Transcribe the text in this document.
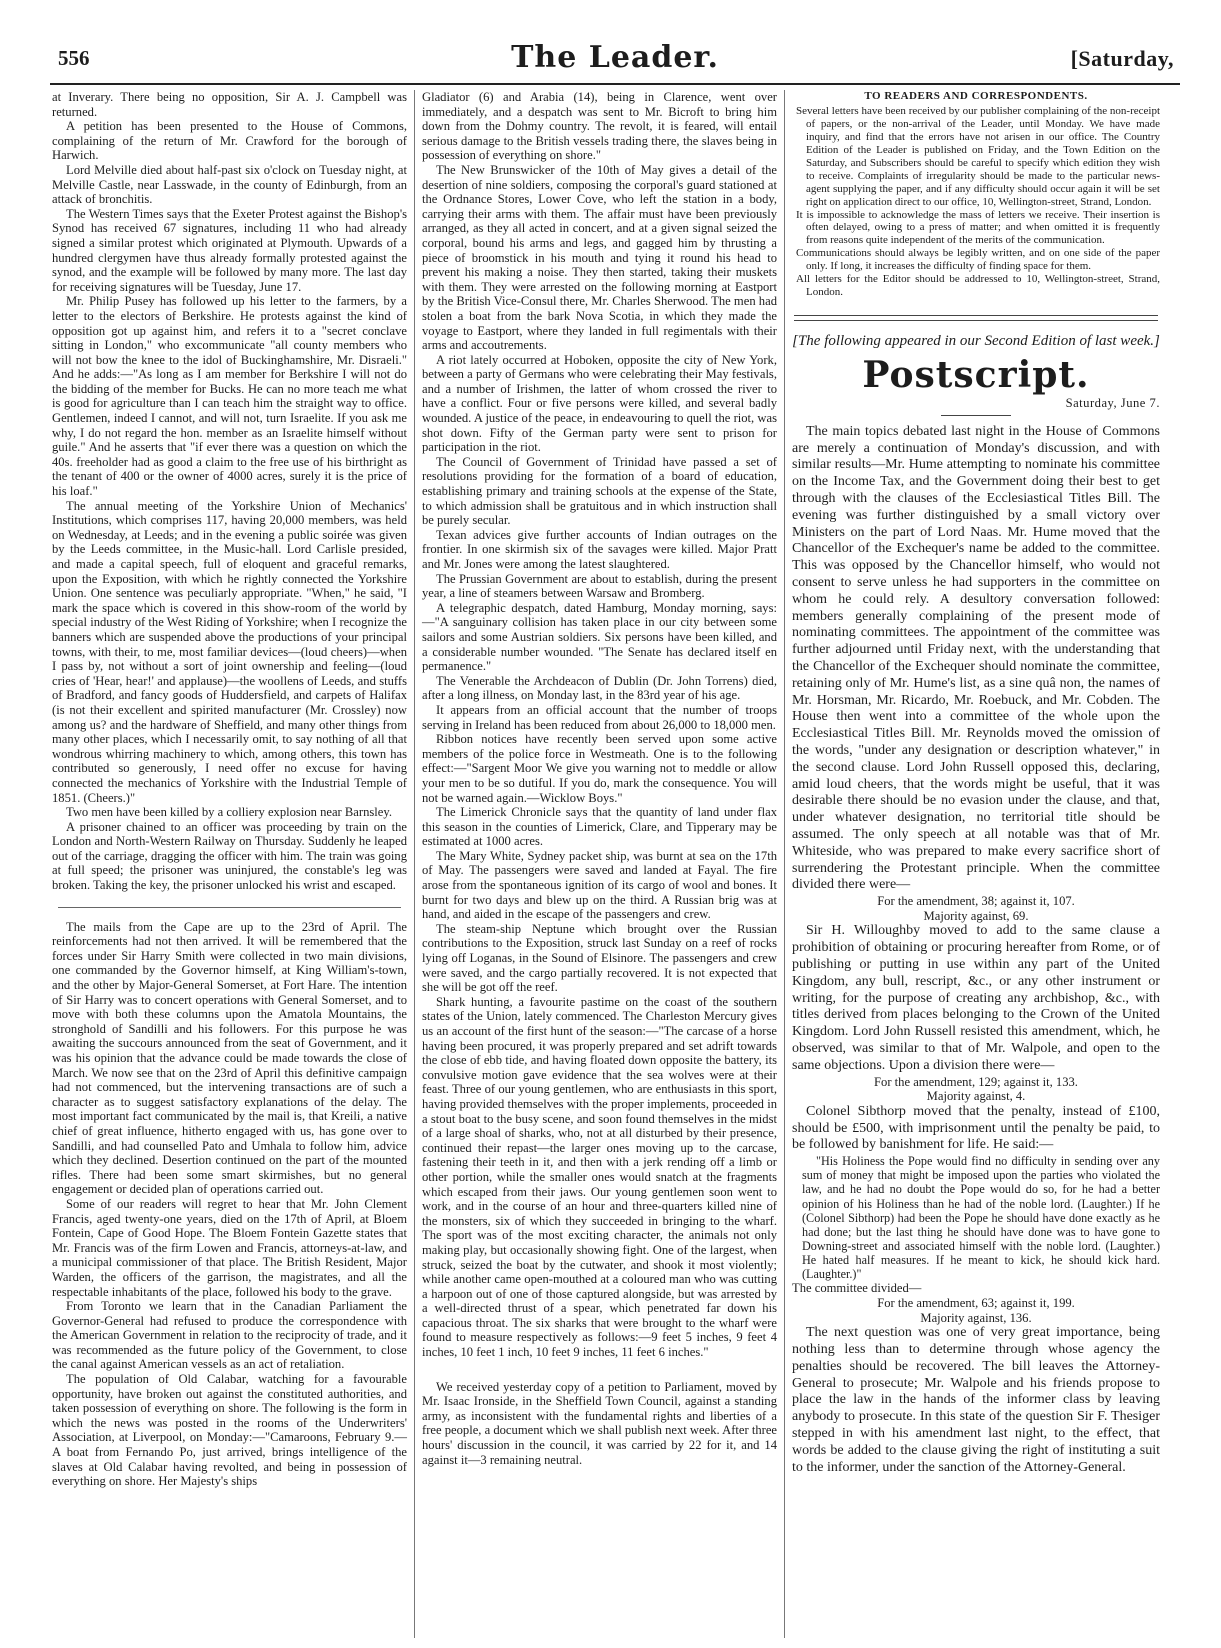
556	The Leader.	[Saturday,

at Inverary. There being no opposition, Sir A. J. Campbell was returned.

A petition has been presented to the House of Commons, complaining of the return of Mr. Crawford for the borough of Harwich.

Lord Melville died about half-past six o'clock on Tuesday night, at Melville Castle, near Lasswade, in the county of Edinburgh, from an attack of bronchitis.

The Western Times says that the Exeter Protest against the Bishop's Synod has received 67 signatures, including 11 who had already signed a similar protest which originated at Plymouth. Upwards of a hundred clergymen have thus already formally protested against the synod, and the example will be followed by many more. The last day for receiving signatures will be Tuesday, June 17.

Mr. Philip Pusey has followed up his letter to the farmers, by a letter to the electors of Berkshire. He protests against the kind of opposition got up against him, and refers it to a "secret conclave sitting in London," who excommunicate "all county members who will not bow the knee to the idol of Buckinghamshire, Mr. Disraeli." And he adds:—"As long as I am member for Berkshire I will not do the bidding of the member for Bucks. He can no more teach me what is good for agriculture than I can teach him the straight way to office. Gentlemen, indeed I cannot, and will not, turn Israelite. If you ask me why, I do not regard the hon. member as an Israelite himself without guile." And he asserts that "if ever there was a question on which the 40s. freeholder had as good a claim to the free use of his birthright as the tenant of 400 or the owner of 4000 acres, surely it is the price of his loaf."

The annual meeting of the Yorkshire Union of Mechanics' Institutions, which comprises 117, having 20,000 members, was held on Wednesday, at Leeds; and in the evening a public soirée was given by the Leeds committee, in the Music-hall. Lord Carlisle presided, and made a capital speech, full of eloquent and graceful remarks, upon the Exposition, with which he rightly connected the Yorkshire Union. One sentence was peculiarly appropriate. "When," he said, "I mark the space which is covered in this show-room of the world by special industry of the West Riding of Yorkshire; when I recognize the banners which are suspended above the productions of your principal towns, with their, to me, most familiar devices—(loud cheers)—when I pass by, not without a sort of joint ownership and feeling—(loud cries of 'Hear, hear!' and applause)—the woollens of Leeds, and stuffs of Bradford, and fancy goods of Huddersfield, and carpets of Halifax (is not their excellent and spirited manufacturer (Mr. Crossley) now among us? and the hardware of Sheffield, and many other things from many other places, which I necessarily omit, to say nothing of all that wondrous whirring machinery to which, among others, this town has contributed so generously, I need offer no excuse for having connected the mechanics of Yorkshire with the Industrial Temple of 1851. (Cheers.)"

Two men have been killed by a colliery explosion near Barnsley.

A prisoner chained to an officer was proceeding by train on the London and North-Western Railway on Thursday. Suddenly he leaped out of the carriage, dragging the officer with him. The train was going at full speed; the prisoner was uninjured, the constable's leg was broken. Taking the key, the prisoner unlocked his wrist and escaped.

The mails from the Cape are up to the 23rd of April. The reinforcements had not then arrived. It will be remembered that the forces under Sir Harry Smith were collected in two main divisions, one commanded by the Governor himself, at King William's-town, and the other by Major-General Somerset, at Fort Hare. The intention of Sir Harry was to concert operations with General Somerset, and to move with both these columns upon the Amatola Mountains, the stronghold of Sandilli and his followers. For this purpose he was awaiting the succours announced from the seat of Government, and it was his opinion that the advance could be made towards the close of March. We now see that on the 23rd of April this definitive campaign had not commenced, but the intervening transactions are of such a character as to suggest satisfactory explanations of the delay. The most important fact communicated by the mail is, that Kreili, a native chief of great influence, hitherto engaged with us, has gone over to Sandilli, and had counselled Pato and Umhala to follow him, advice which they declined. Desertion continued on the part of the mounted rifles. There had been some smart skirmishes, but no general engagement or decided plan of operations carried out.

Some of our readers will regret to hear that Mr. John Clement Francis, aged twenty-one years, died on the 17th of April, at Bloem Fontein, Cape of Good Hope. The Bloem Fontein Gazette states that Mr. Francis was of the firm Lowen and Francis, attorneys-at-law, and a municipal commissioner of that place. The British Resident, Major Warden, the officers of the garrison, the magistrates, and all the respectable inhabitants of the place, followed his body to the grave.

From Toronto we learn that in the Canadian Parliament the Governor-General had refused to produce the correspondence with the American Government in relation to the reciprocity of trade, and it was recommended as the future policy of the Government, to close the canal against American vessels as an act of retaliation.

The population of Old Calabar, watching for a favourable opportunity, have broken out against the constituted authorities, and taken possession of everything on shore. The following is the form in which the news was posted in the rooms of the Underwriters' Association, at Liverpool, on Monday:—"Camaroons, February 9.—A boat from Fernando Po, just arrived, brings intelligence of the slaves at Old Calabar having revolted, and being in possession of everything on shore. Her Majesty's ships

Gladiator (6) and Arabia (14), being in Clarence, went over immediately, and a despatch was sent to Mr. Bicroft to bring him down from the Dohmy country. The revolt, it is feared, will entail serious damage to the British vessels trading there, the slaves being in possession of everything on shore."

The New Brunswicker of the 10th of May gives a detail of the desertion of nine soldiers, composing the corporal's guard stationed at the Ordnance Stores, Lower Cove, who left the station in a body, carrying their arms with them. The affair must have been previously arranged, as they all acted in concert, and at a given signal seized the corporal, bound his arms and legs, and gagged him by thrusting a piece of broomstick in his mouth and tying it round his head to prevent his making a noise. They then started, taking their muskets with them. They were arrested on the following morning at Eastport by the British Vice-Consul there, Mr. Charles Sherwood. The men had stolen a boat from the bark Nova Scotia, in which they made the voyage to Eastport, where they landed in full regimentals with their arms and accoutrements.

A riot lately occurred at Hoboken, opposite the city of New York, between a party of Germans who were celebrating their May festivals, and a number of Irishmen, the latter of whom crossed the river to have a conflict. Four or five persons were killed, and several badly wounded. A justice of the peace, in endeavouring to quell the riot, was shot down. Fifty of the German party were sent to prison for participation in the riot.

The Council of Government of Trinidad have passed a set of resolutions providing for the formation of a board of education, establishing primary and training schools at the expense of the State, to which admission shall be gratuitous and in which instruction shall be purely secular.

Texan advices give further accounts of Indian outrages on the frontier. In one skirmish six of the savages were killed. Major Pratt and Mr. Jones were among the latest slaughtered.

The Prussian Government are about to establish, during the present year, a line of steamers between Warsaw and Bromberg.

A telegraphic despatch, dated Hamburg, Monday morning, says:—"A sanguinary collision has taken place in our city between some sailors and some Austrian soldiers. Six persons have been killed, and a considerable number wounded. "The Senate has declared itself en permanence."

The Venerable the Archdeacon of Dublin (Dr. John Torrens) died, after a long illness, on Monday last, in the 83rd year of his age.

It appears from an official account that the number of troops serving in Ireland has been reduced from about 26,000 to 18,000 men.

Ribbon notices have recently been served upon some active members of the police force in Westmeath. One is to the following effect:—"Sargent Moor We give you warning not to meddle or allow your men to be so dutiful. If you do, mark the consequence. You will not be warned again.—Wicklow Boys."

The Limerick Chronicle says that the quantity of land under flax this season in the counties of Limerick, Clare, and Tipperary may be estimated at 1000 acres.

The Mary White, Sydney packet ship, was burnt at sea on the 17th of May. The passengers were saved and landed at Fayal. The fire arose from the spontaneous ignition of its cargo of wool and bones. It burnt for two days and blew up on the third. A Russian brig was at hand, and aided in the escape of the passengers and crew.

The steam-ship Neptune which brought over the Russian contributions to the Exposition, struck last Sunday on a reef of rocks lying off Loganas, in the Sound of Elsinore. The passengers and crew were saved, and the cargo partially recovered. It is not expected that she will be got off the reef.

Shark hunting, a favourite pastime on the coast of the southern states of the Union, lately commenced. The Charleston Mercury gives us an account of the first hunt of the season:—"The carcase of a horse having been procured, it was properly prepared and set adrift towards the close of ebb tide, and having floated down opposite the battery, its convulsive motion gave evidence that the sea wolves were at their feast. Three of our young gentlemen, who are enthusiasts in this sport, having provided themselves with the proper implements, proceeded in a stout boat to the busy scene, and soon found themselves in the midst of a large shoal of sharks, who, not at all disturbed by their presence, continued their repast—the larger ones moving up to the carcase, fastening their teeth in it, and then with a jerk rending off a limb or other portion, while the smaller ones would snatch at the fragments which escaped from their jaws. Our young gentlemen soon went to work, and in the course of an hour and three-quarters killed nine of the monsters, six of which they succeeded in bringing to the wharf. The sport was of the most exciting character, the animals not only making play, but occasionally showing fight. One of the largest, when struck, seized the boat by the cutwater, and shook it most violently; while another came open-mouthed at a coloured man who was cutting a harpoon out of one of those captured alongside, but was arrested by a well-directed thrust of a spear, which penetrated far down his capacious throat. The six sharks that were brought to the wharf were found to measure respectively as follows:—9 feet 5 inches, 9 feet 4 inches, 10 feet 1 inch, 10 feet 9 inches, 11 feet 6 inches."

We received yesterday copy of a petition to Parliament, moved by Mr. Isaac Ironside, in the Sheffield Town Council, against a standing army, as inconsistent with the fundamental rights and liberties of a free people, a document which we shall publish next week. After three hours' discussion in the council, it was carried by 22 for it, and 14 against it—3 remaining neutral.

TO READERS AND CORRESPONDENTS.

Several letters have been received by our publisher complaining of the non-receipt of papers, or the non-arrival of the Leader, until Monday. We have made inquiry, and find that the errors have not arisen in our office. The Country Edition of the Leader is published on Friday, and the Town Edition on the Saturday, and Subscribers should be careful to specify which edition they wish to receive. Complaints of irregularity should be made to the particular news-agent supplying the paper, and if any difficulty should occur again it will be set right on application direct to our office, 10, Wellington-street, Strand, London.

It is impossible to acknowledge the mass of letters we receive. Their insertion is often delayed, owing to a press of matter; and when omitted it is frequently from reasons quite independent of the merits of the communication.

Communications should always be legibly written, and on one side of the paper only. If long, it increases the difficulty of finding space for them.

All letters for the Editor should be addressed to 10, Wellington-street, Strand, London.

[The following appeared in our Second Edition of last week.]

Postscript.

Saturday, June 7.

The main topics debated last night in the House of Commons are merely a continuation of Monday's discussion, and with similar results—Mr. Hume attempting to nominate his committee on the Income Tax, and the Government doing their best to get through with the clauses of the Ecclesiastical Titles Bill. The evening was further distinguished by a small victory over Ministers on the part of Lord Naas. Mr. Hume moved that the Chancellor of the Exchequer's name be added to the committee. This was opposed by the Chancellor himself, who would not consent to serve unless he had supporters in the committee on whom he could rely. A desultory conversation followed: members generally complaining of the present mode of nominating committees. The appointment of the committee was further adjourned until Friday next, with the understanding that the Chancellor of the Exchequer should nominate the committee, retaining only of Mr. Hume's list, as a sine quâ non, the names of Mr. Horsman, Mr. Ricardo, Mr. Roebuck, and Mr. Cobden. The House then went into a committee of the whole upon the Ecclesiastical Titles Bill. Mr. Reynolds moved the omission of the words, "under any designation or description whatever," in the second clause. Lord John Russell opposed this, declaring, amid loud cheers, that the words might be useful, that it was desirable there should be no evasion under the clause, and that, under whatever designation, no territorial title should be assumed. The only speech at all notable was that of Mr. Whiteside, who was prepared to make every sacrifice short of surrendering the Protestant principle. When the committee divided there were—

For the amendment, 38; against it, 107.

Majority against, 69.

Sir H. Willoughby moved to add to the same clause a prohibition of obtaining or procuring hereafter from Rome, or of publishing or putting in use within any part of the United Kingdom, any bull, rescript, &c., or any other instrument or writing, for the purpose of creating any archbishop, &c., with titles derived from places belonging to the Crown of the United Kingdom. Lord John Russell resisted this amendment, which, he observed, was similar to that of Mr. Walpole, and open to the same objections. Upon a division there were—

For the amendment, 129; against it, 133.

Majority against, 4.

Colonel Sibthorp moved that the penalty, instead of £100, should be £500, with imprisonment until the penalty be paid, to be followed by banishment for life. He said:—

"His Holiness the Pope would find no difficulty in sending over any sum of money that might be imposed upon the parties who violated the law, and he had no doubt the Pope would do so, for he had a better opinion of his Holiness than he had of the noble lord. (Laughter.) If he (Colonel Sibthorp) had been the Pope he should have done exactly as he had done; but the last thing he should have done was to have gone to Downing-street and associated himself with the noble lord. (Laughter.) He hated half measures. If he meant to kick, he should kick hard. (Laughter.)"

The committee divided—

For the amendment, 63; against it, 199.

Majority against, 136.

The next question was one of very great importance, being nothing less than to determine through whose agency the penalties should be recovered. The bill leaves the Attorney-General to prosecute; Mr. Walpole and his friends propose to place the law in the hands of the informer class by leaving anybody to prosecute. In this state of the question Sir F. Thesiger stepped in with his amendment last night, to the effect, that words be added to the clause giving the right of instituting a suit to the informer, under the sanction of the Attorney-General.
